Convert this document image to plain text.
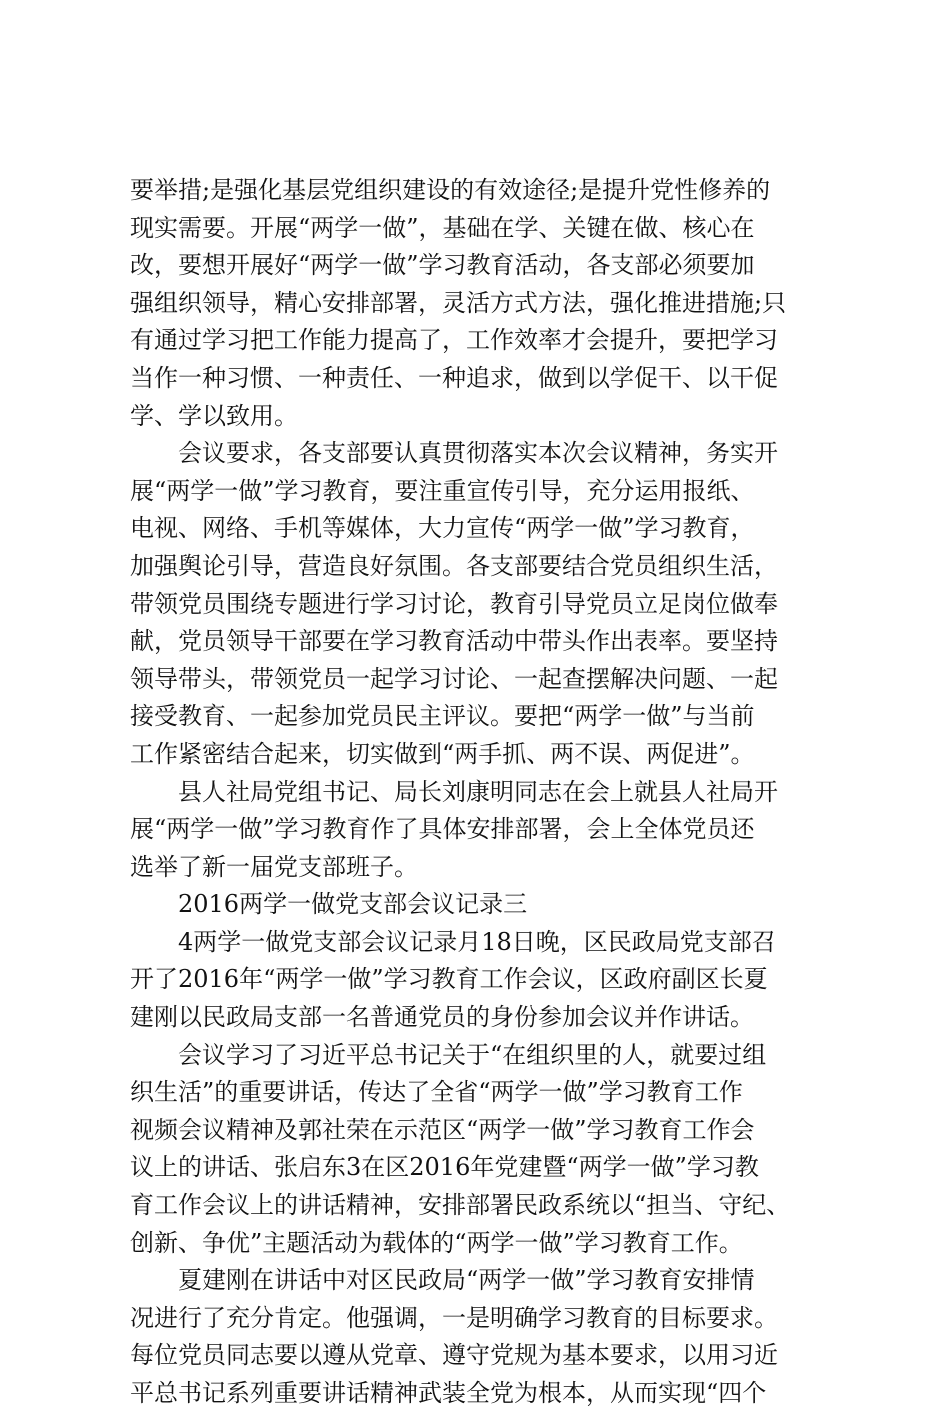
要举措;是强化基层党组织建设的有效途径;是提升党性修养的
现实需要。开展“两学一做”，基础在学、关键在做、核心在
改，要想开展好“两学一做”学习教育活动，各支部必须要加
强组织领导，精心安排部署，灵活方式方法，强化推进措施;只
有通过学习把工作能力提高了，工作效率才会提升，要把学习
当作一种习惯、一种责任、一种追求，做到以学促干、以干促
学、学以致用。
　　会议要求，各支部要认真贯彻落实本次会议精神，务实开
展“两学一做”学习教育，要注重宣传引导，充分运用报纸、
电视、网络、手机等媒体，大力宣传“两学一做”学习教育，
加强舆论引导，营造良好氛围。各支部要结合党员组织生活，
带领党员围绕专题进行学习讨论，教育引导党员立足岗位做奉
献，党员领导干部要在学习教育活动中带头作出表率。要坚持
领导带头，带领党员一起学习讨论、一起查摆解决问题、一起
接受教育、一起参加党员民主评议。要把“两学一做”与当前
工作紧密结合起来，切实做到“两手抓、两不误、两促进”。
　　县人社局党组书记、局长刘康明同志在会上就县人社局开
展“两学一做”学习教育作了具体安排部署，会上全体党员还
选举了新一届党支部班子。
　　2016两学一做党支部会议记录三
　　4两学一做党支部会议记录月18日晚，区民政局党支部召
开了2016年“两学一做”学习教育工作会议，区政府副区长夏
建刚以民政局支部一名普通党员的身份参加会议并作讲话。
　　会议学习了习近平总书记关于“在组织里的人，就要过组
织生活”的重要讲话，传达了全省“两学一做”学习教育工作
视频会议精神及郭社荣在示范区“两学一做”学习教育工作会
议上的讲话、张启东3在区2016年党建暨“两学一做”学习教
育工作会议上的讲话精神，安排部署民政系统以“担当、守纪、
创新、争优”主题活动为载体的“两学一做”学习教育工作。
　　夏建刚在讲话中对区民政局“两学一做”学习教育安排情
况进行了充分肯定。他强调，一是明确学习教育的目标要求。
每位党员同志要以遵从党章、遵守党规为基本要求，以用习近
平总书记系列重要讲话精神武装全党为根本，从而实现“四个
